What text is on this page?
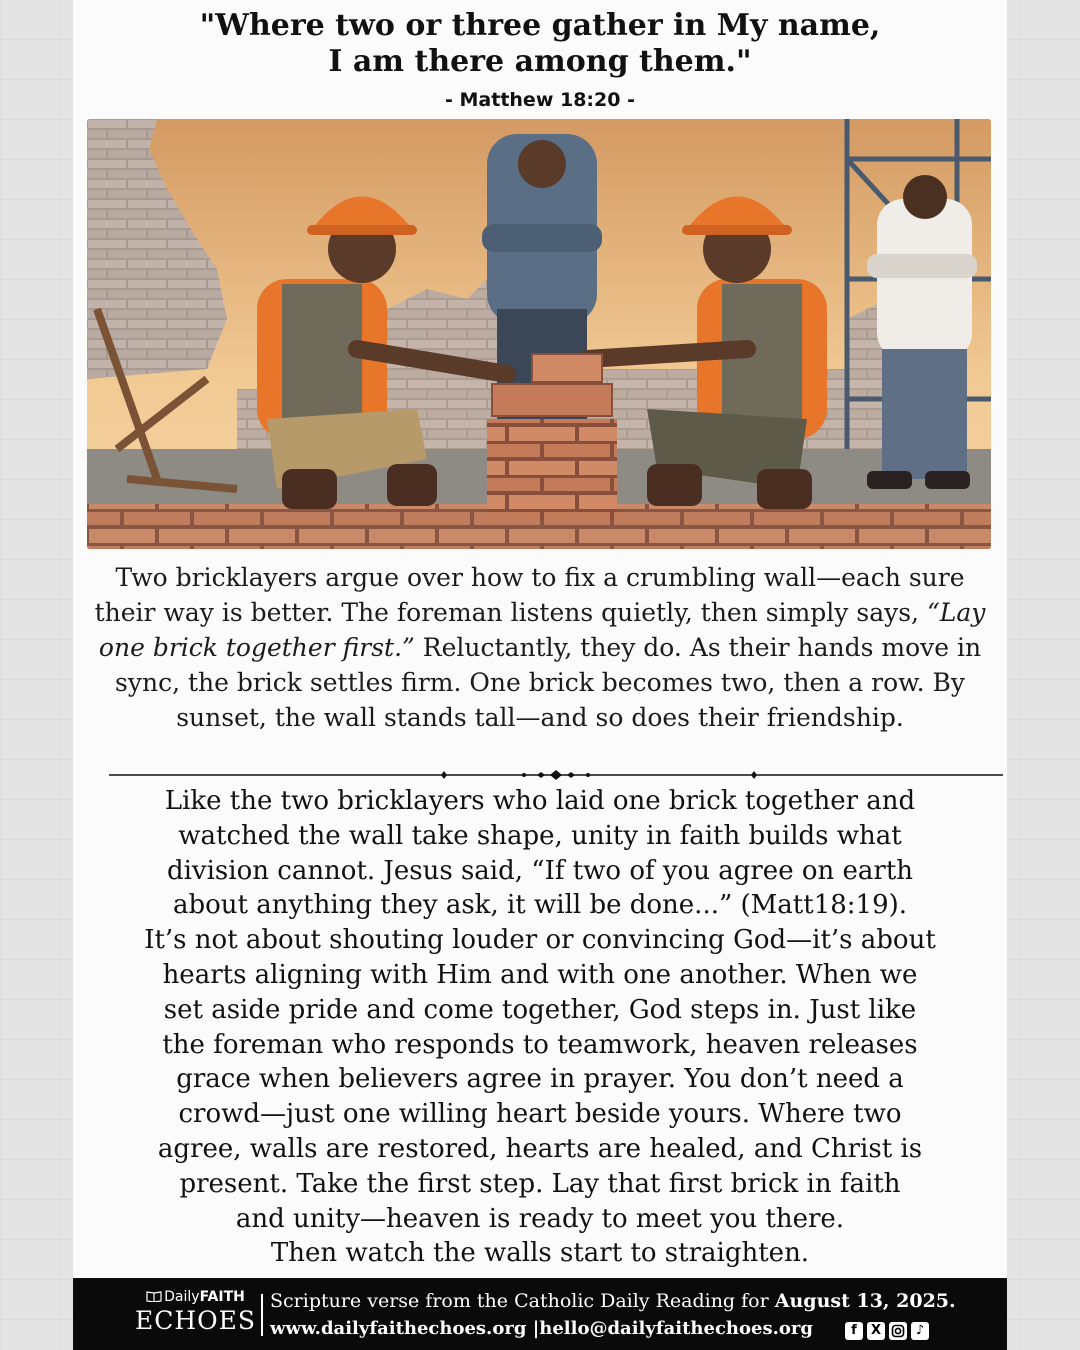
"Where two or three gather in My name,
I am there among them."
- Matthew 18:20 -
Two bricklayers argue over how to fix a crumbling wall—each sure their way is better. The foreman listens quietly, then simply says, “Lay one brick together first.” Reluctantly, they do. As their hands move in sync, the brick settles firm. One brick becomes two, then a row. By sunset, the wall stands tall—and so does their friendship.
Like the two bricklayers who laid one brick together and
watched the wall take shape, unity in faith builds what
division cannot. Jesus said, “If two of you agree on earth
about anything they ask, it will be done...” (Matt18:19).
It’s not about shouting louder or convincing God—it’s about
hearts aligning with Him and with one another. When we
set aside pride and come together, God steps in. Just like
the foreman who responds to teamwork, heaven releases
grace when believers agree in prayer. You don’t need a
crowd—just one willing heart beside yours. Where two
agree, walls are restored, hearts are healed, and Christ is
present. Take the first step. Lay that first brick in faith
and unity—heaven is ready to meet you there.
Then watch the walls start to straighten.
DailyFAITH
ECHOES
Scripture verse from the Catholic Daily Reading for August 13, 2025.
www.dailyfaithechoes.org |hello@dailyfaithechoes.org	f	X	♪
